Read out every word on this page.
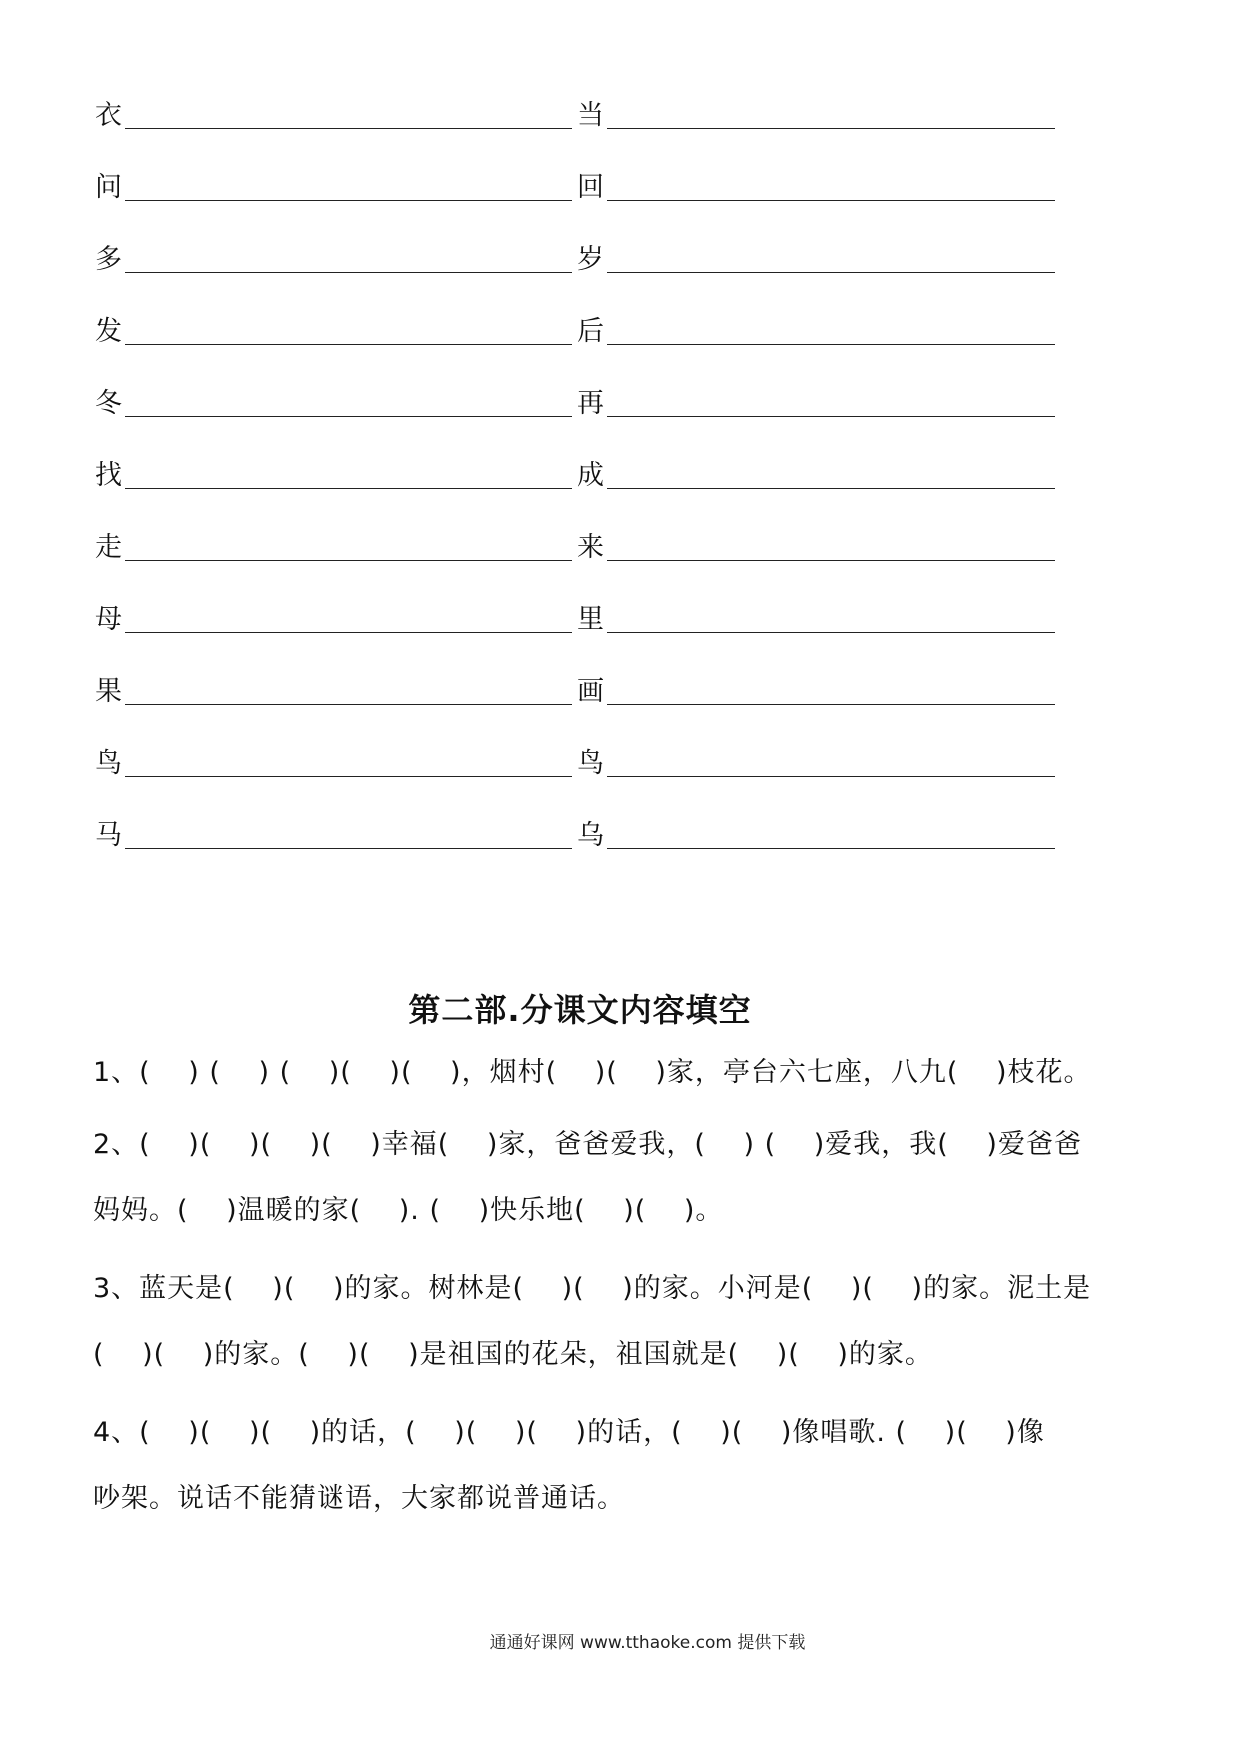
衣	当
问	回
多	岁
发	后
冬	再
找	成
走	来
母	里
果	画
鸟	鸟
马	乌
第二部.分课文内容填空
1、(　 ) (　 ) (　 )(　 )(　 )，烟村(　 )(　 )家，亭台六七座，八九(　 )枝花。
2、(　 )(　 )(　 )(　 )幸福(　 )家，爸爸爱我，(　 ) (　 )爱我，我(　 )爱爸爸
妈妈。(　 )温暖的家(　 ). (　 )快乐地(　 )(　 )。
3、蓝天是(　 )(　 )的家。树林是(　 )(　 )的家。小河是(　 )(　 )的家。泥土是
(　 )(　 )的家。(　 )(　 )是祖国的花朵，祖国就是(　 )(　 )的家。
4、(　 )(　 )(　 )的话，(　 )(　 )(　 )的话，(　 )(　 )像唱歌. (　 )(　 )像
吵架。说话不能猜谜语，大家都说普通话。
通通好课网 www.tthaoke.com 提供下载
